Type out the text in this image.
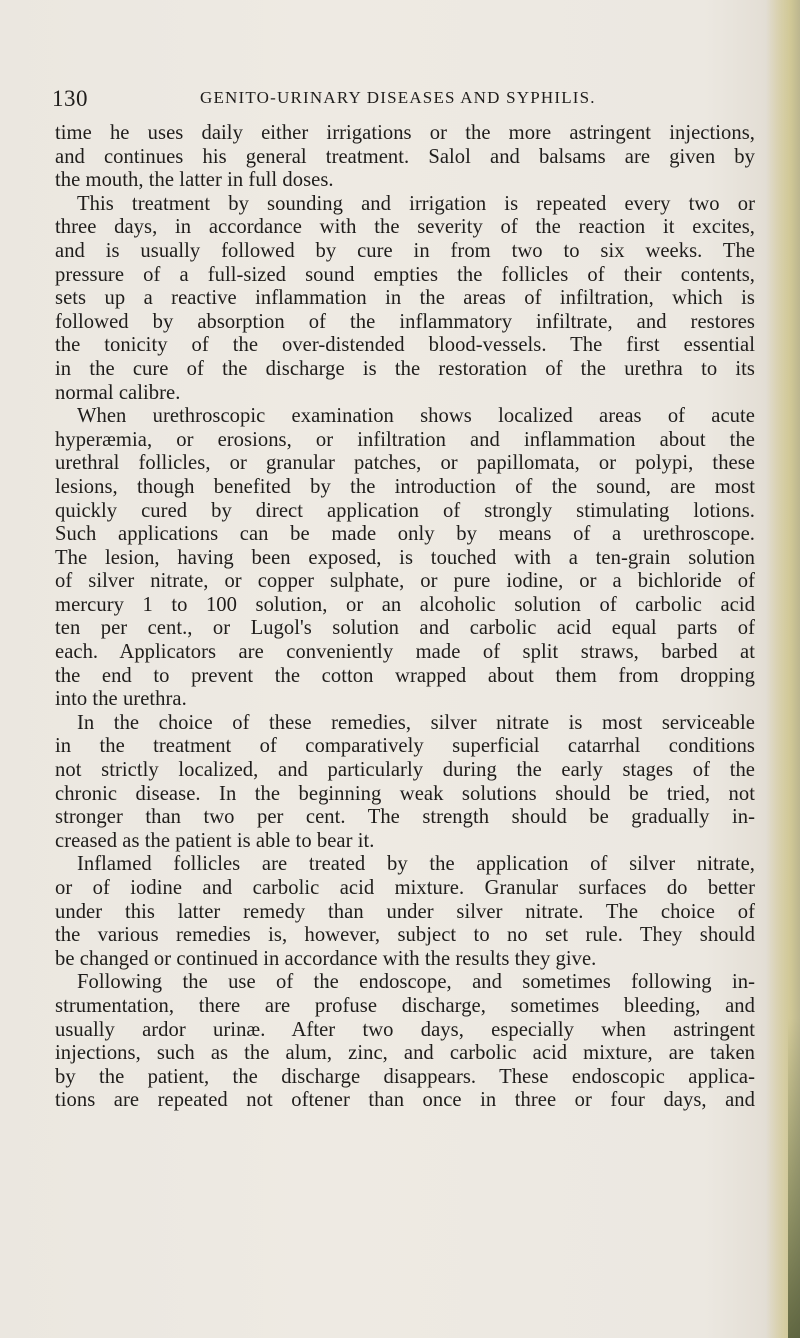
130	GENITO-URINARY DISEASES AND SYPHILIS.
time he uses daily either irrigations or the more astringent injections,
and continues his general treatment. Salol and balsams are given by
the mouth, the latter in full doses.
This treatment by sounding and irrigation is repeated every two or
three days, in accordance with the severity of the reaction it excites,
and is usually followed by cure in from two to six weeks. The
pressure of a full-sized sound empties the follicles of their contents,
sets up a reactive inflammation in the areas of infiltration, which is
followed by absorption of the inflammatory infiltrate, and restores
the tonicity of the over-distended blood-vessels. The first essential
in the cure of the discharge is the restoration of the urethra to its
normal calibre.
When urethroscopic examination shows localized areas of acute
hyperæmia, or erosions, or infiltration and inflammation about the
urethral follicles, or granular patches, or papillomata, or polypi, these
lesions, though benefited by the introduction of the sound, are most
quickly cured by direct application of strongly stimulating lotions.
Such applications can be made only by means of a urethroscope.
The lesion, having been exposed, is touched with a ten-grain solution
of silver nitrate, or copper sulphate, or pure iodine, or a bichloride of
mercury 1 to 100 solution, or an alcoholic solution of carbolic acid
ten per cent., or Lugol's solution and carbolic acid equal parts of
each. Applicators are conveniently made of split straws, barbed at
the end to prevent the cotton wrapped about them from dropping
into the urethra.
In the choice of these remedies, silver nitrate is most serviceable
in the treatment of comparatively superficial catarrhal conditions
not strictly localized, and particularly during the early stages of the
chronic disease. In the beginning weak solutions should be tried, not
stronger than two per cent. The strength should be gradually in-
creased as the patient is able to bear it.
Inflamed follicles are treated by the application of silver nitrate,
or of iodine and carbolic acid mixture. Granular surfaces do better
under this latter remedy than under silver nitrate. The choice of
the various remedies is, however, subject to no set rule. They should
be changed or continued in accordance with the results they give.
Following the use of the endoscope, and sometimes following in-
strumentation, there are profuse discharge, sometimes bleeding, and
usually ardor urinæ. After two days, especially when astringent
injections, such as the alum, zinc, and carbolic acid mixture, are taken
by the patient, the discharge disappears. These endoscopic applica-
tions are repeated not oftener than once in three or four days, and
